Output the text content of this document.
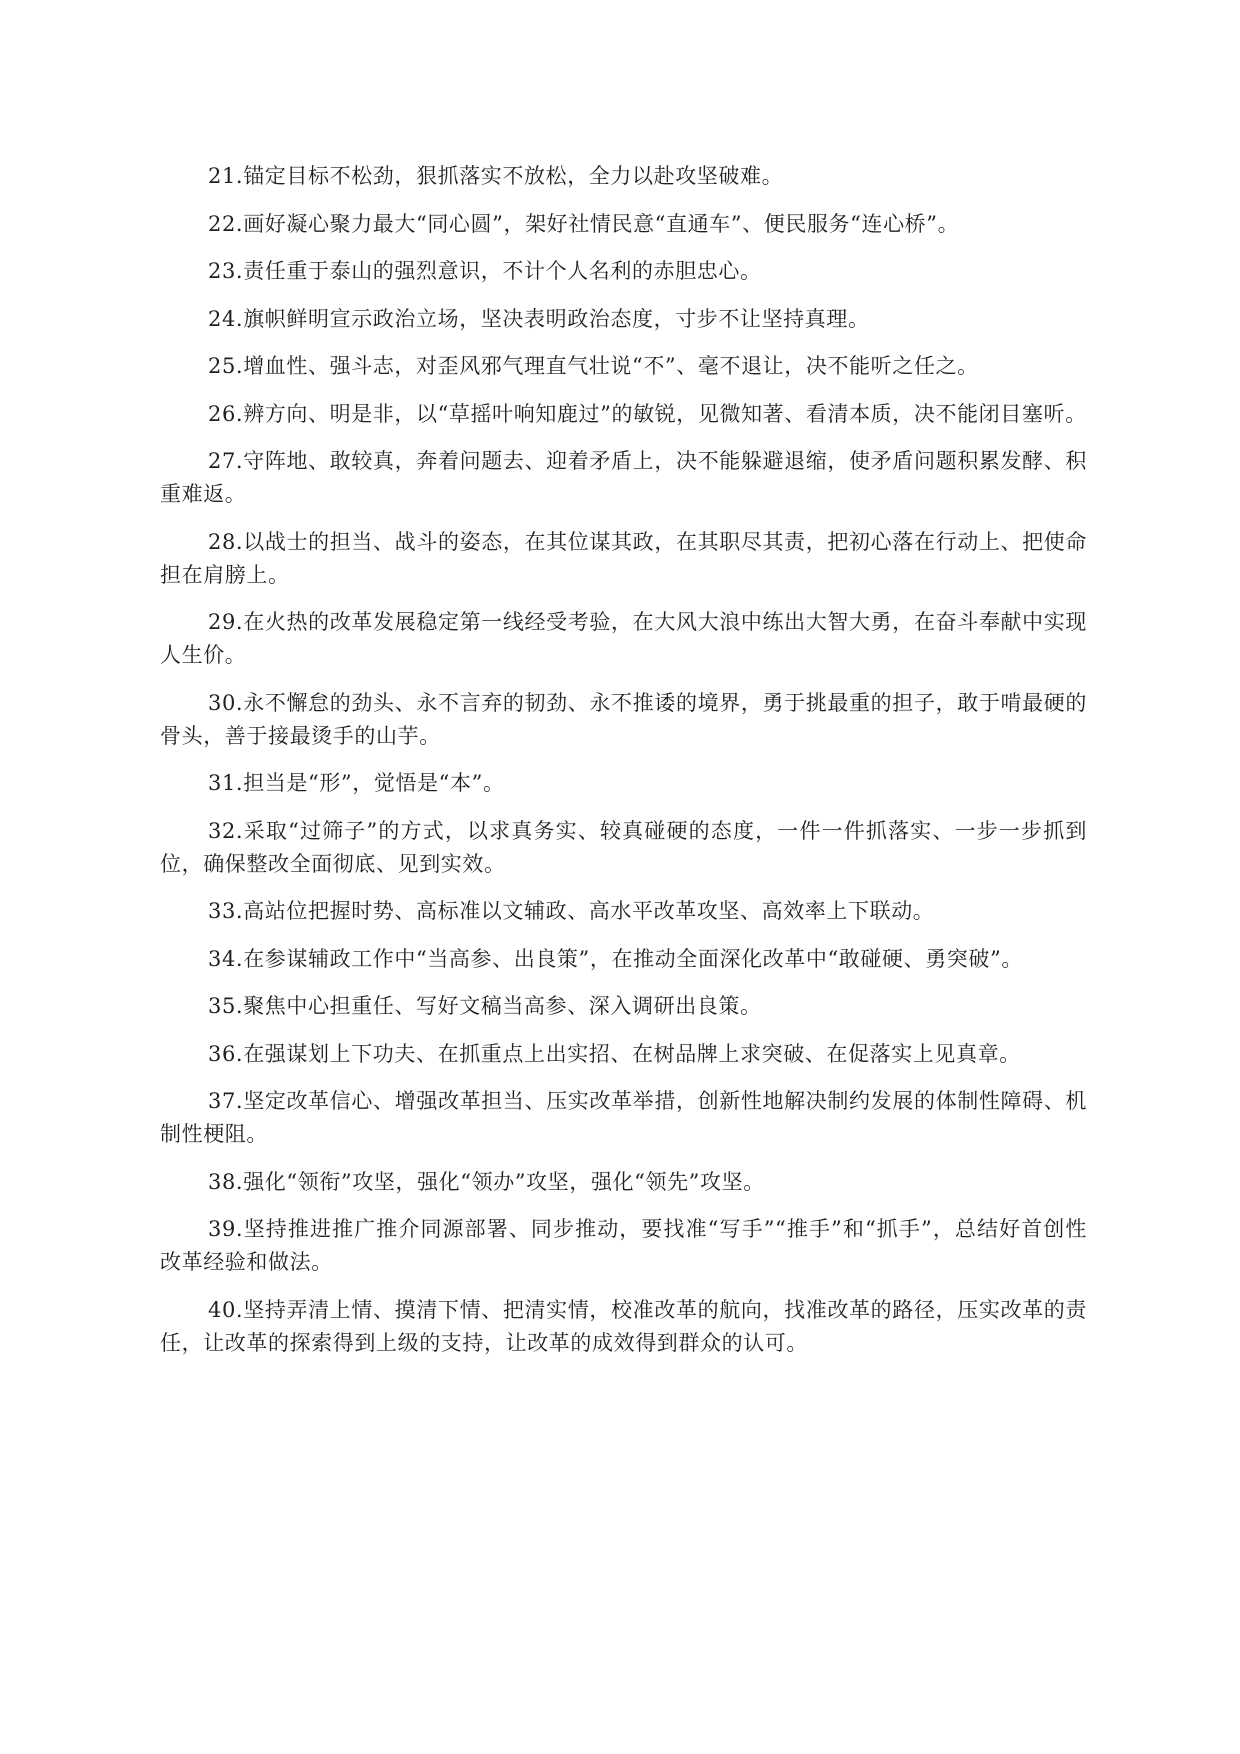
21.锚定目标不松劲，狠抓落实不放松，全力以赴攻坚破难。

22.画好凝心聚力最大“同心圆”，架好社情民意“直通车”、便民服务“连心桥”。

23.责任重于泰山的强烈意识，不计个人名利的赤胆忠心。

24.旗帜鲜明宣示政治立场，坚决表明政治态度，寸步不让坚持真理。

25.增血性、强斗志，对歪风邪气理直气壮说“不”、毫不退让，决不能听之任之。

26.辨方向、明是非，以“草摇叶响知鹿过”的敏锐，见微知著、看清本质，决不能闭目塞听。

27.守阵地、敢较真，奔着问题去、迎着矛盾上，决不能躲避退缩，使矛盾问题积累发酵、积重难返。

28.以战士的担当、战斗的姿态，在其位谋其政，在其职尽其责，把初心落在行动上、把使命担在肩膀上。

29.在火热的改革发展稳定第一线经受考验，在大风大浪中练出大智大勇，在奋斗奉献中实现人生价。

30.永不懈怠的劲头、永不言弃的韧劲、永不推诿的境界，勇于挑最重的担子，敢于啃最硬的骨头，善于接最烫手的山芋。

31.担当是“形”，觉悟是“本”。

32.采取“过筛子”的方式，以求真务实、较真碰硬的态度，一件一件抓落实、一步一步抓到位，确保整改全面彻底、见到实效。

33.高站位把握时势、高标准以文辅政、高水平改革攻坚、高效率上下联动。

34.在参谋辅政工作中“当高参、出良策”，在推动全面深化改革中“敢碰硬、勇突破”。

35.聚焦中心担重任、写好文稿当高参、深入调研出良策。

36.在强谋划上下功夫、在抓重点上出实招、在树品牌上求突破、在促落实上见真章。

37.坚定改革信心、增强改革担当、压实改革举措，创新性地解决制约发展的体制性障碍、机制性梗阻。

38.强化“领衔”攻坚，强化“领办”攻坚，强化“领先”攻坚。

39.坚持推进推广推介同源部署、同步推动，要找准“写手”“推手”和“抓手”，总结好首创性改革经验和做法。

40.坚持弄清上情、摸清下情、把清实情，校准改革的航向，找准改革的路径，压实改革的责任，让改革的探索得到上级的支持，让改革的成效得到群众的认可。
